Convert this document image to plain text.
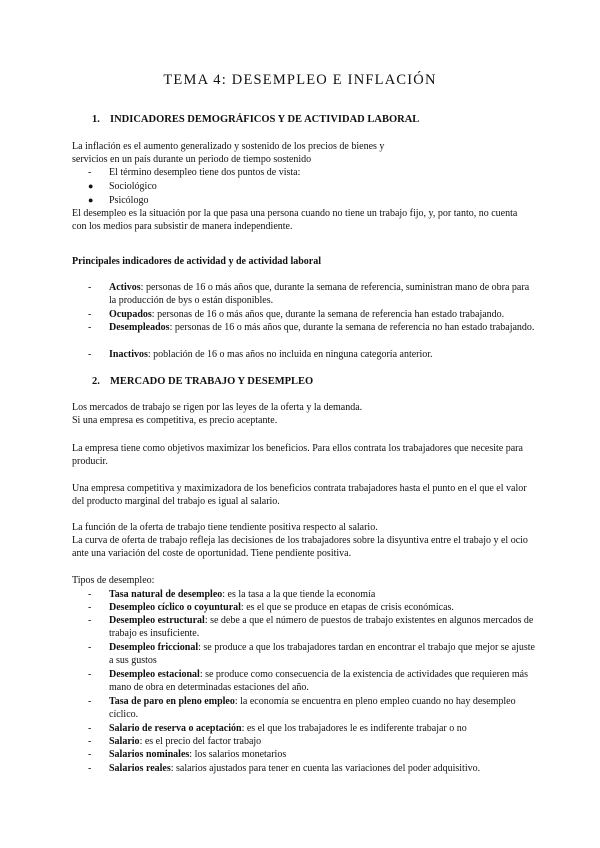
TEMA 4: DESEMPLEO E INFLACIÓN
1. INDICADORES DEMOGRÁFICOS Y DE ACTIVIDAD LABORAL
La inflación es el aumento generalizado y sostenido de los precios de bienes y
servicios en un país durante un periodo de tiempo sostenido
-	El término desempleo tiene dos puntos de vista:
●	Sociológico
●	Psicólogo
El desempleo es la situación por la que pasa una persona cuando no tiene un trabajo fijo, y, por tanto, no cuenta con los medios para subsistir de manera independiente.
Principales indicadores de actividad y de actividad laboral
-	Activos: personas de 16 o más años que, durante la semana de referencia, suministran mano de obra para la producción de bys o están disponibles.
-	Ocupados: personas de 16 o más años que, durante la semana de referencia han estado trabajando.
-	Desempleados: personas de 16 o más años que, durante la semana de referencia no han estado trabajando.
-	Inactivos: población de 16 o mas años no incluida en ninguna categoría anterior.
2. MERCADO DE TRABAJO Y DESEMPLEO
Los mercados de trabajo se rigen por las leyes de la oferta y la demanda.
Si una empresa es competitiva, es precio aceptante.
La empresa tiene como objetivos maximizar los beneficios. Para ellos contrata los trabajadores que necesite para producir.
Una empresa competitiva y maximizadora de los beneficios contrata trabajadores hasta el punto en el que el valor del producto marginal del trabajo es igual al salario.
La función de la oferta de trabajo tiene tendiente positiva respecto al salario.
La curva de oferta de trabajo refleja las decisiones de los trabajadores sobre la disyuntiva entre el trabajo y el ocio ante una variación del coste de oportunidad. Tiene pendiente positiva.
Tipos de desempleo:
-	Tasa natural de desempleo: es la tasa a la que tiende la economía
-	Desempleo cíclico o coyuntural: es el que se produce en etapas de crisis económicas.
-	Desempleo estructural: se debe a que el número de puestos de trabajo existentes en algunos mercados de trabajo es insuficiente.
-	Desempleo friccional: se produce a que los trabajadores tardan en encontrar el trabajo que mejor se ajuste a sus gustos
-	Desempleo estacional: se produce como consecuencia de la existencia de actividades que requieren más mano de obra en determinadas estaciones del año.
-	Tasa de paro en pleno empleo: la economía se encuentra en pleno empleo cuando no hay desempleo cíclico.
-	Salario de reserva o aceptación: es el que los trabajadores le es indiferente trabajar o no
-	Salario: es el precio del factor trabajo
-	Salarios nominales: los salarios monetarios
-	Salarios reales: salarios ajustados para tener en cuenta las variaciones del poder adquisitivo.
